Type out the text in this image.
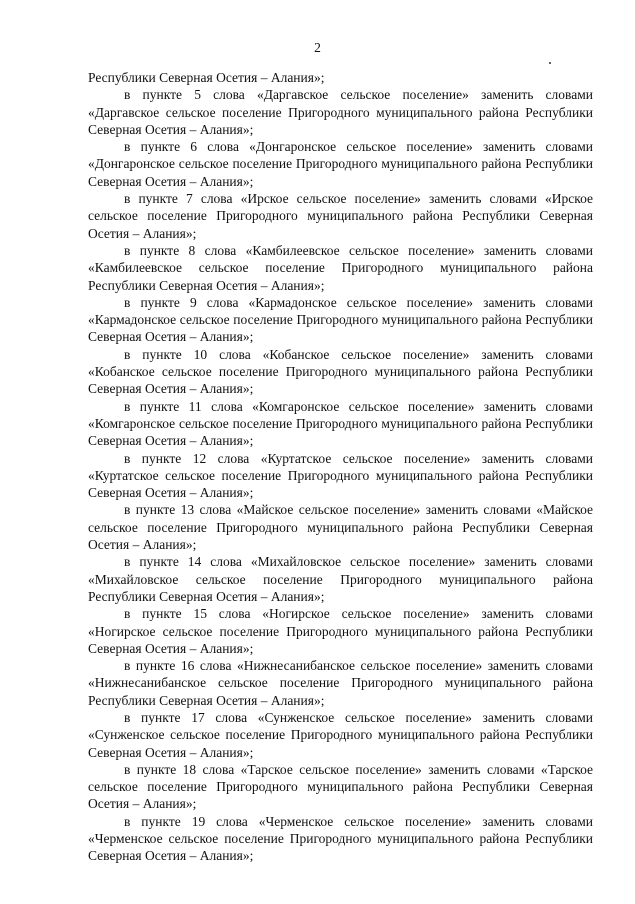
2

Республики Северная Осетия – Алания»;

в пункте 5 слова «Даргавское сельское поселение» заменить словами «Даргавское сельское поселение Пригородного муниципального района Республики Северная Осетия – Алания»;

в пункте 6 слова «Донгаронское сельское поселение» заменить словами «Донгаронское сельское поселение Пригородного муниципального района Республики Северная Осетия – Алания»;

в пункте 7 слова «Ирское сельское поселение» заменить словами «Ирское сельское поселение Пригородного муниципального района Республики Северная Осетия – Алания»;

в пункте 8 слова «Камбилеевское сельское поселение» заменить словами «Камбилеевское сельское поселение Пригородного муниципального района Республики Северная Осетия – Алания»;

в пункте 9 слова «Кармадонское сельское поселение» заменить словами «Кармадонское сельское поселение Пригородного муниципального района Республики Северная Осетия – Алания»;

в пункте 10 слова «Кобанское сельское поселение» заменить словами «Кобанское сельское поселение Пригородного муниципального района Республики Северная Осетия – Алания»;

в пункте 11 слова «Комгаронское сельское поселение» заменить словами «Комгаронское сельское поселение Пригородного муниципального района Республики Северная Осетия – Алания»;

в пункте 12 слова «Куртатское сельское поселение» заменить словами «Куртатское сельское поселение Пригородного муниципального района Республики Северная Осетия – Алания»;

в пункте 13 слова «Майское сельское поселение» заменить словами «Майское сельское поселение Пригородного муниципального района Республики Северная Осетия – Алания»;

в пункте 14 слова «Михайловское сельское поселение» заменить словами «Михайловское сельское поселение Пригородного муниципального района Республики Северная Осетия – Алания»;

в пункте 15 слова «Ногирское сельское поселение» заменить словами «Ногирское сельское поселение Пригородного муниципального района Республики Северная Осетия – Алания»;

в пункте 16 слова «Нижнесанибанское сельское поселение» заменить словами «Нижнесанибанское сельское поселение Пригородного муниципального района Республики Северная Осетия – Алания»;

в пункте 17 слова «Сунженское сельское поселение» заменить словами «Сунженское сельское поселение Пригородного муниципального района Республики Северная Осетия – Алания»;

в пункте 18 слова «Тарское сельское поселение» заменить словами «Тарское сельское поселение Пригородного муниципального района Республики Северная Осетия – Алания»;

в пункте 19 слова «Черменское сельское поселение» заменить словами «Черменское сельское поселение Пригородного муниципального района Республики Северная Осетия – Алания»;
